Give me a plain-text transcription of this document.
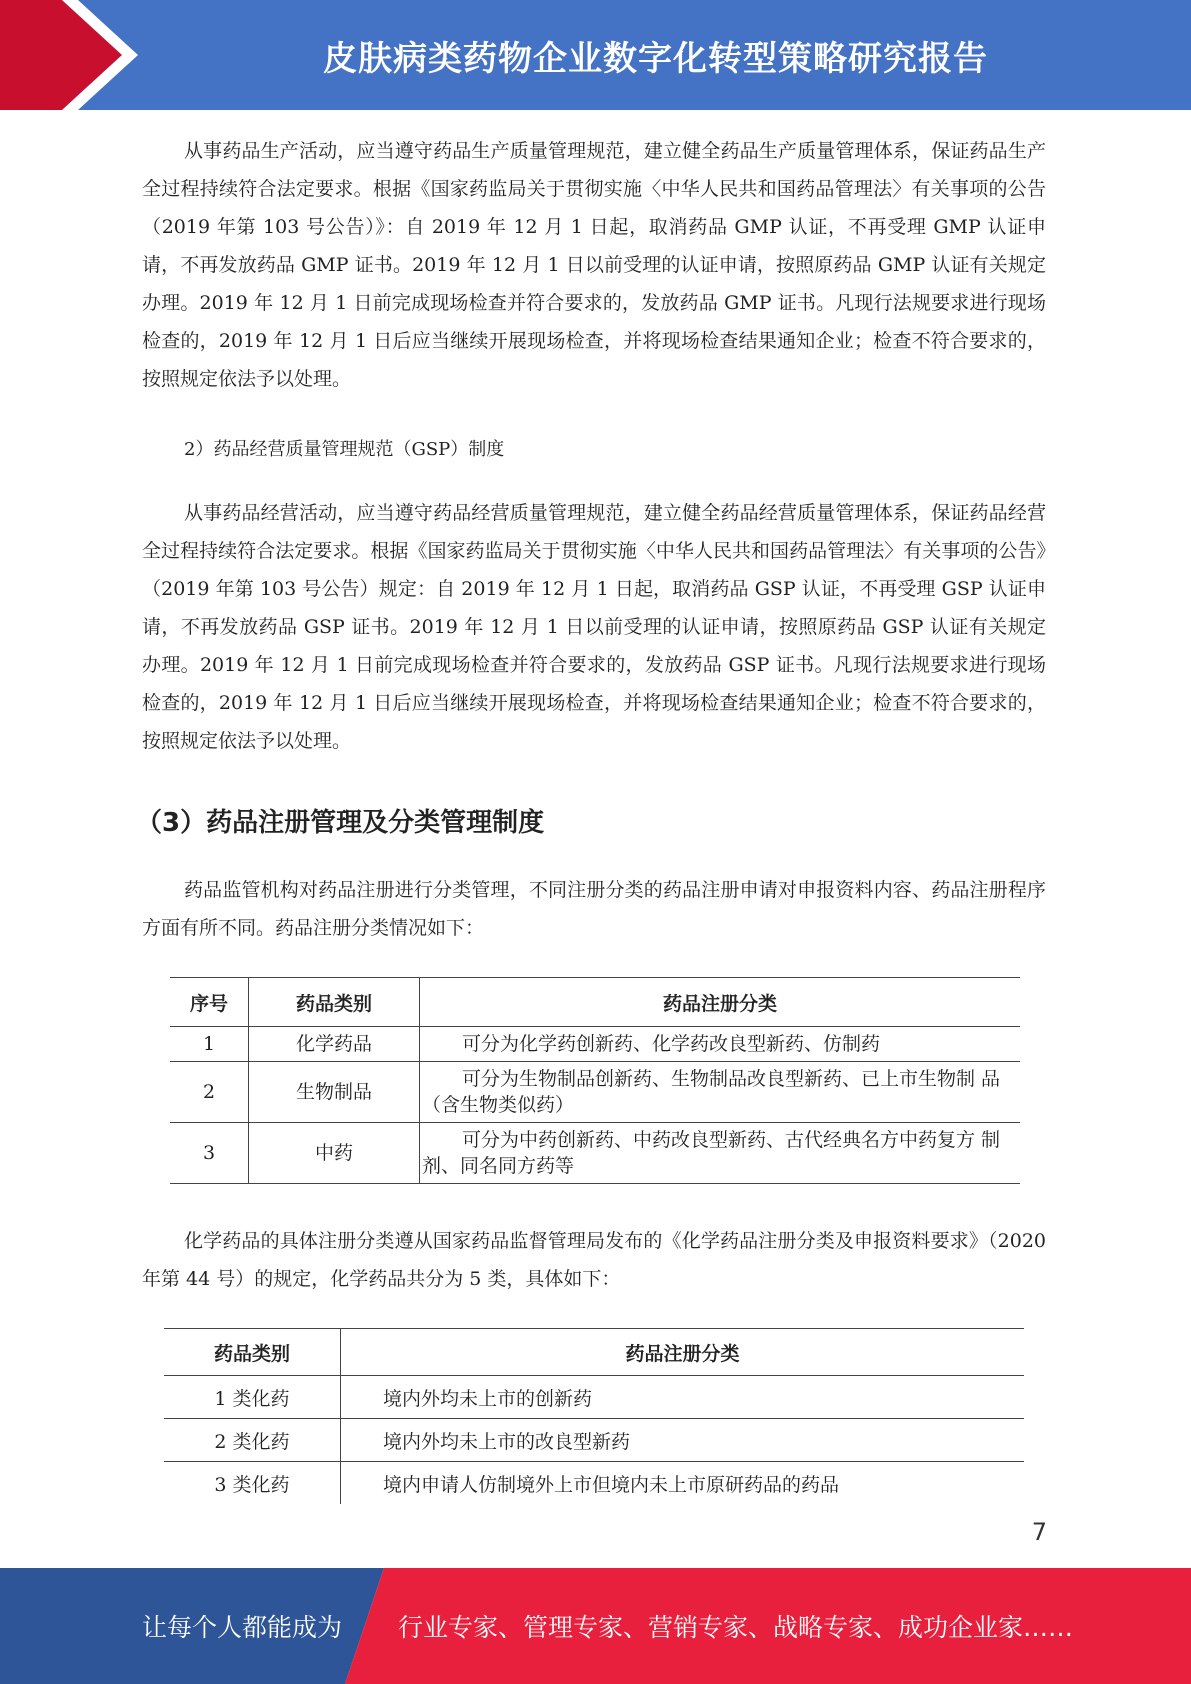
皮肤病类药物企业数字化转型策略研究报告

从事药品生产活动，应当遵守药品生产质量管理规范，建立健全药品生产质量管理体系，保证药品生产全过程持续符合法定要求。根据《国家药监局关于贯彻实施〈中华人民共和国药品管理法〉有关事项的公告（2019 年第 103 号公告）》：自 2019 年 12 月 1 日起，取消药品 GMP 认证，不再受理 GMP 认证申请，不再发放药品 GMP 证书。2019 年 12 月 1 日以前受理的认证申请，按照原药品 GMP 认证有关规定办理。2019 年 12 月 1 日前完成现场检查并符合要求的，发放药品 GMP 证书。凡现行法规要求进行现场检查的，2019 年 12 月 1 日后应当继续开展现场检查，并将现场检查结果通知企业；检查不符合要求的，按照规定依法予以处理。

2）药品经营质量管理规范（GSP）制度

从事药品经营活动，应当遵守药品经营质量管理规范，建立健全药品经营质量管理体系，保证药品经营全过程持续符合法定要求。根据《国家药监局关于贯彻实施〈中华人民共和国药品管理法〉有关事项的公告》（2019 年第 103 号公告）规定：自 2019 年 12 月 1 日起，取消药品 GSP 认证，不再受理 GSP 认证申请，不再发放药品 GSP 证书。2019 年 12 月 1 日以前受理的认证申请，按照原药品 GSP 认证有关规定办理。2019 年 12 月 1 日前完成现场检查并符合要求的，发放药品 GSP 证书。凡现行法规要求进行现场检查的，2019 年 12 月 1 日后应当继续开展现场检查，并将现场检查结果通知企业；检查不符合要求的，按照规定依法予以处理。

（3）药品注册管理及分类管理制度

药品监管机构对药品注册进行分类管理，不同注册分类的药品注册申请对申报资料内容、药品注册程序方面有所不同。药品注册分类情况如下：

序号	药品类别	药品注册分类
1	化学药品	可分为化学药创新药、化学药改良型新药、仿制药

2	生物制品	可分为生物制品创新药、生物制品改良型新药、已上市生物制 品（含生物类似药）

3	中药	可分为中药创新药、中药改良型新药、古代经典名方中药复方 制剂、同名同方药等

化学药品的具体注册分类遵从国家药品监督管理局发布的《化学药品注册分类及申报资料要求》（2020 年第 44 号）的规定，化学药品共分为 5 类，具体如下：

药品类别	药品注册分类
1 类化药	境内外均未上市的创新药
2 类化药	境内外均未上市的改良型新药
3 类化药	境内申请人仿制境外上市但境内未上市原研药品的药品
7
让每个人都能成为 行业专家、管理专家、营销专家、战略专家、成功企业家……
